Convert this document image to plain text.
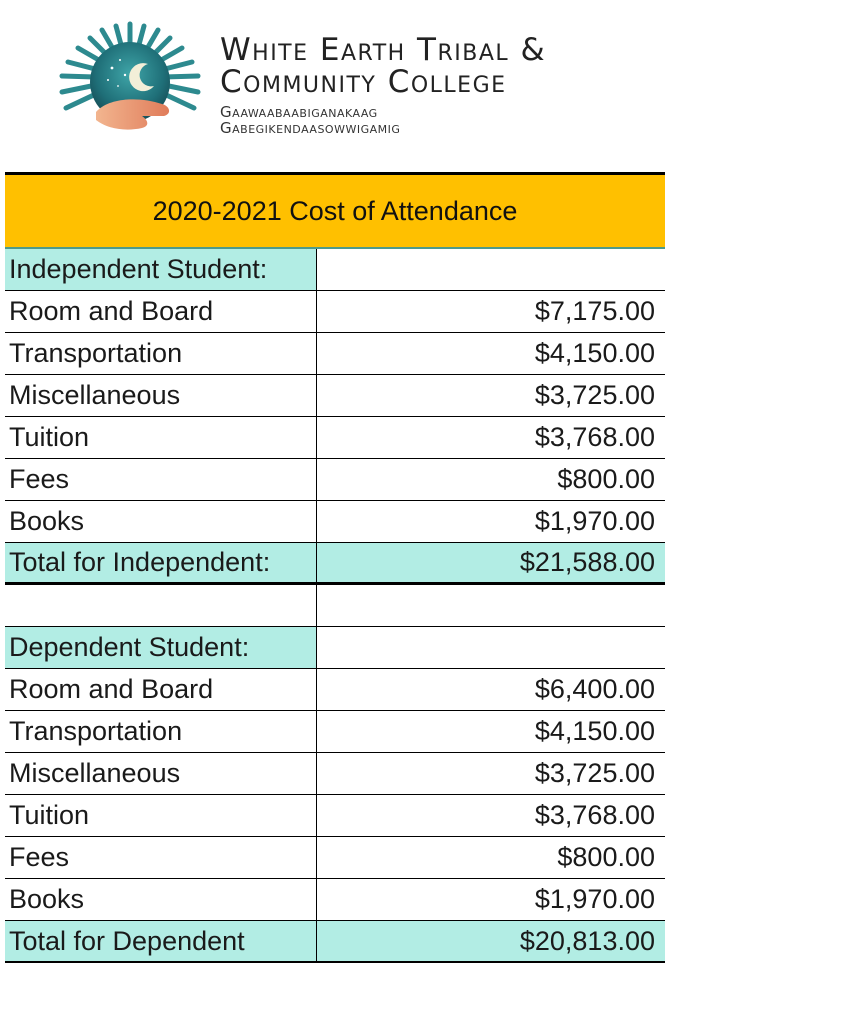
White Earth Tribal &
Community College
Gaawaabaabiganakaag
Gabegikendaasowwigamig
2020-2021 Cost of Attendance
Independent Student:
Room and Board	$7,175.00
Transportation	$4,150.00
Miscellaneous	$3,725.00
Tuition	$3,768.00
Fees	$800.00
Books	$1,970.00
Total for Independent:	$21,588.00
Dependent Student:
Room and Board	$6,400.00
Transportation	$4,150.00
Miscellaneous	$3,725.00
Tuition	$3,768.00
Fees	$800.00
Books	$1,970.00
Total for Dependent	$20,813.00
